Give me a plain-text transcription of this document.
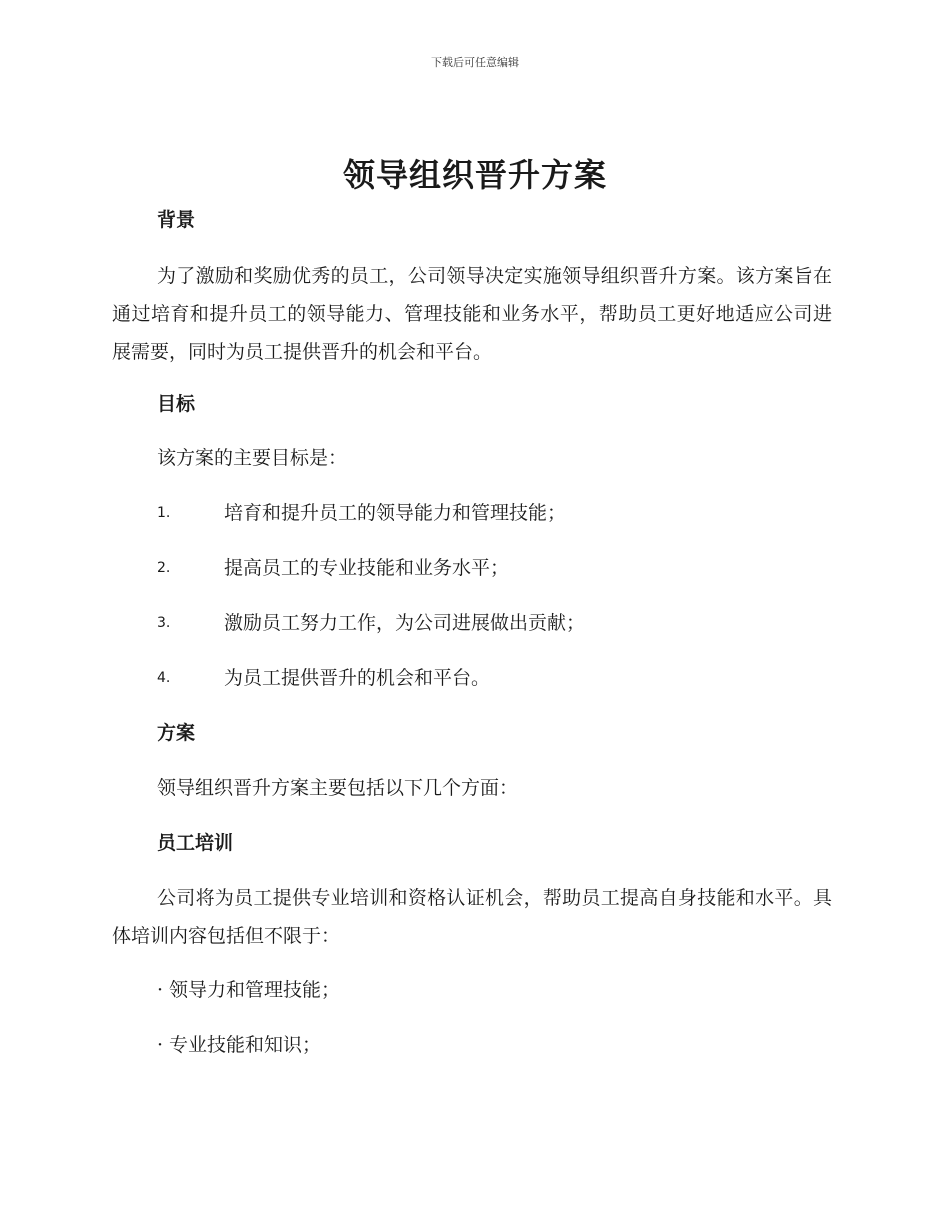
下载后可任意编辑
领导组织晋升方案
背景
为了激励和奖励优秀的员工，公司领导决定实施领导组织晋升方案。该方案旨在通过培育和提升员工的领导能力、管理技能和业务水平，帮助员工更好地适应公司进展需要，同时为员工提供晋升的机会和平台。
目标
该方案的主要目标是：
1.	培育和提升员工的领导能力和管理技能；
2.	提高员工的专业技能和业务水平；
3.	激励员工努力工作，为公司进展做出贡献；
4.	为员工提供晋升的机会和平台。
方案
领导组织晋升方案主要包括以下几个方面：
员工培训
公司将为员工提供专业培训和资格认证机会，帮助员工提高自身技能和水平。具体培训内容包括但不限于：
· 领导力和管理技能；
· 专业技能和知识；
